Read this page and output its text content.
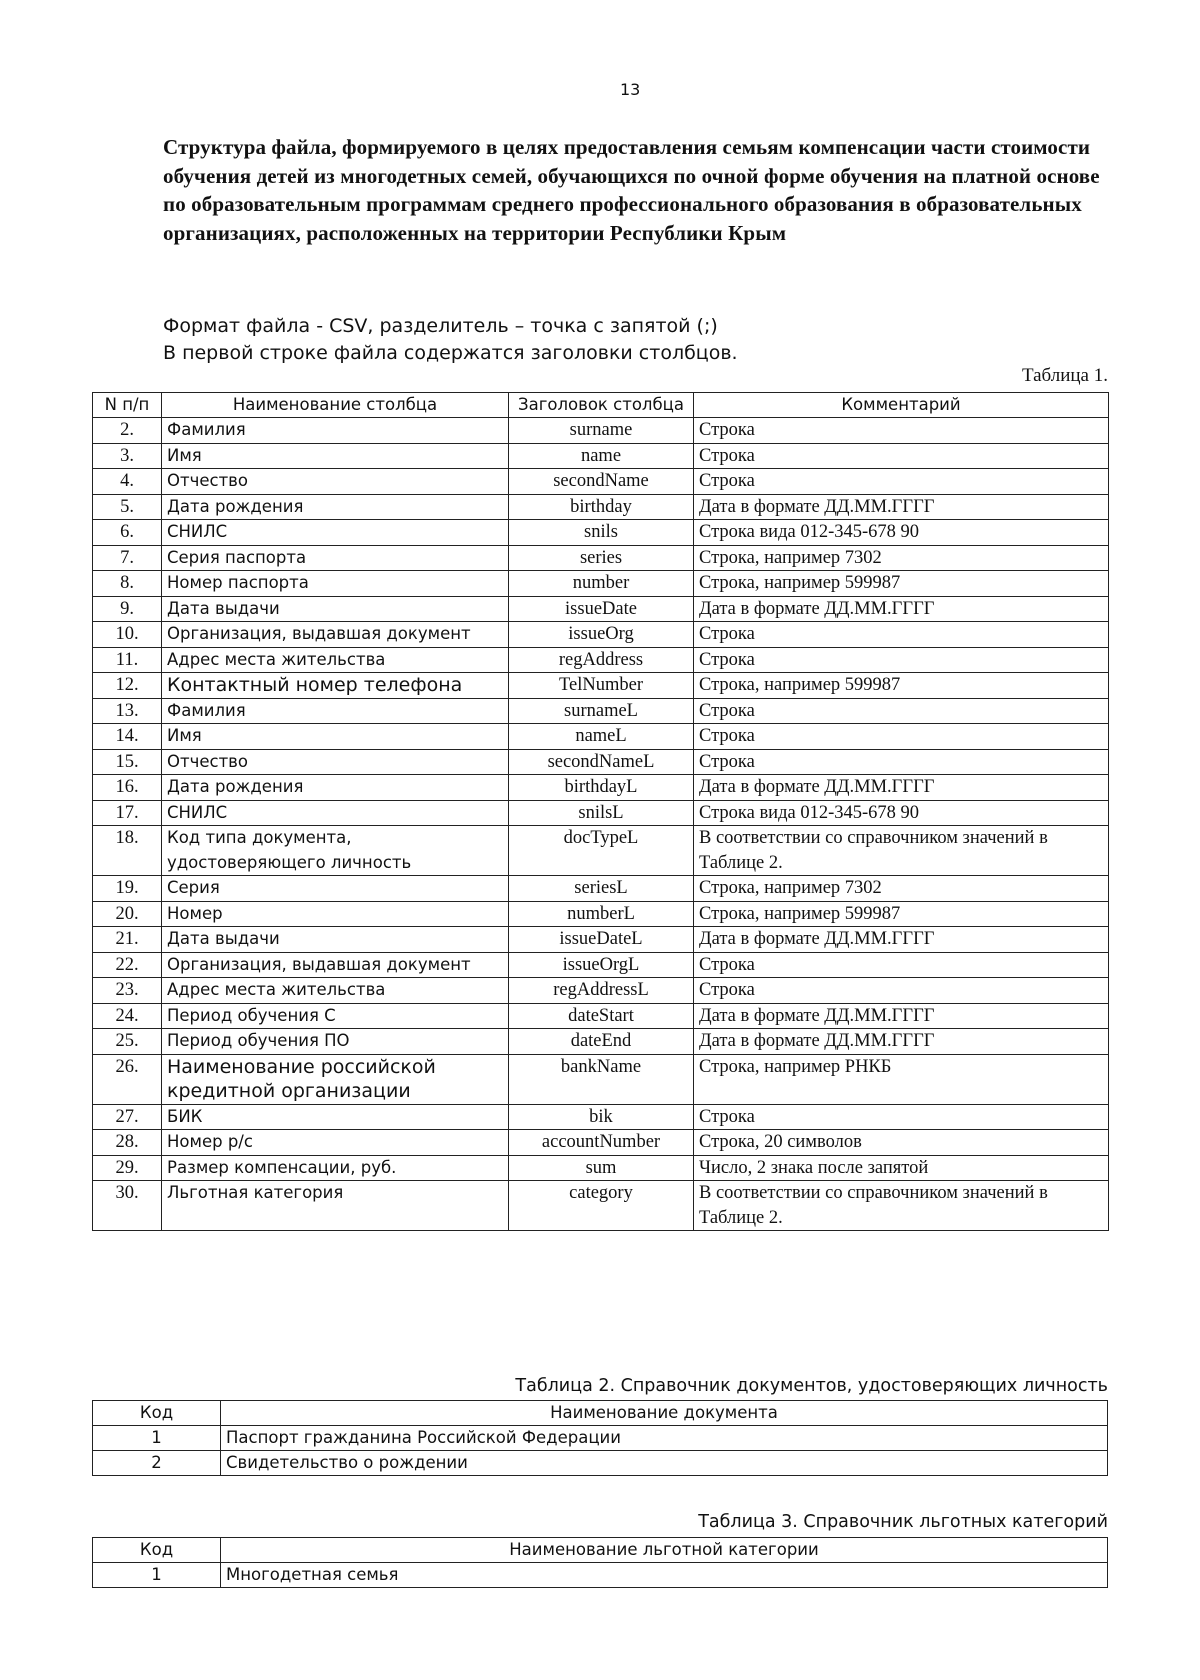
13
Структура файла, формируемого в целях предоставления семьям компенсации части стоимости обучения детей из многодетных семей, обучающихся по очной форме обучения на платной основе по образовательным программам среднего профессионального образования в образовательных организациях, расположенных на территории Республики Крым
Формат файла - CSV, разделитель – точка с запятой (;)
В первой строке файла содержатся заголовки столбцов.
Таблица 1.
N п/п	Наименование столбца	Заголовок столбца	Комментарий
2.	Фамилия	surname	Строка
3.	Имя	name	Строка
4.	Отчество	secondName	Строка
5.	Дата рождения	birthday	Дата в формате ДД.ММ.ГГГГ
6.	СНИЛС	snils	Строка вида 012-345-678 90
7.	Серия паспорта	series	Строка, например 7302
8.	Номер паспорта	number	Строка, например 599987
9.	Дата выдачи	issueDate	Дата в формате ДД.ММ.ГГГГ
10.	Организация, выдавшая документ	issueOrg	Строка
11.	Адрес места жительства	regAddress	Строка
12.	Контактный номер телефона	TelNumber	Строка, например 599987
13.	Фамилия	surnameL	Строка
14.	Имя	nameL	Строка
15.	Отчество	secondNameL	Строка
16.	Дата рождения	birthdayL	Дата в формате ДД.ММ.ГГГГ
17.	СНИЛС	snilsL	Строка вида 012-345-678 90
18.	Код типа документа, удостоверяющего личность	docTypeL	В соответствии со справочником значений в Таблице 2.
19.	Серия	seriesL	Строка, например 7302
20.	Номер	numberL	Строка, например 599987
21.	Дата выдачи	issueDateL	Дата в формате ДД.ММ.ГГГГ
22.	Организация, выдавшая документ	issueOrgL	Строка
23.	Адрес места жительства	regAddressL	Строка
24.	Период обучения С	dateStart	Дата в формате ДД.ММ.ГГГГ
25.	Период обучения ПО	dateEnd	Дата в формате ДД.ММ.ГГГГ
26.	Наименование российской кредитной организации	bankName	Строка, например РНКБ
27.	БИК	bik	Строка
28.	Номер р/с	accountNumber	Строка, 20 символов
29.	Размер компенсации, руб.	sum	Число, 2 знака после запятой
30.	Льготная категория	category	В соответствии со справочником значений в Таблице 2.
Таблица 2. Справочник документов, удостоверяющих личность
Код	Наименование документа
1	Паспорт гражданина Российской Федерации
2	Свидетельство о рождении
Таблица 3. Справочник льготных категорий
Код	Наименование льготной категории
1	Многодетная семья
